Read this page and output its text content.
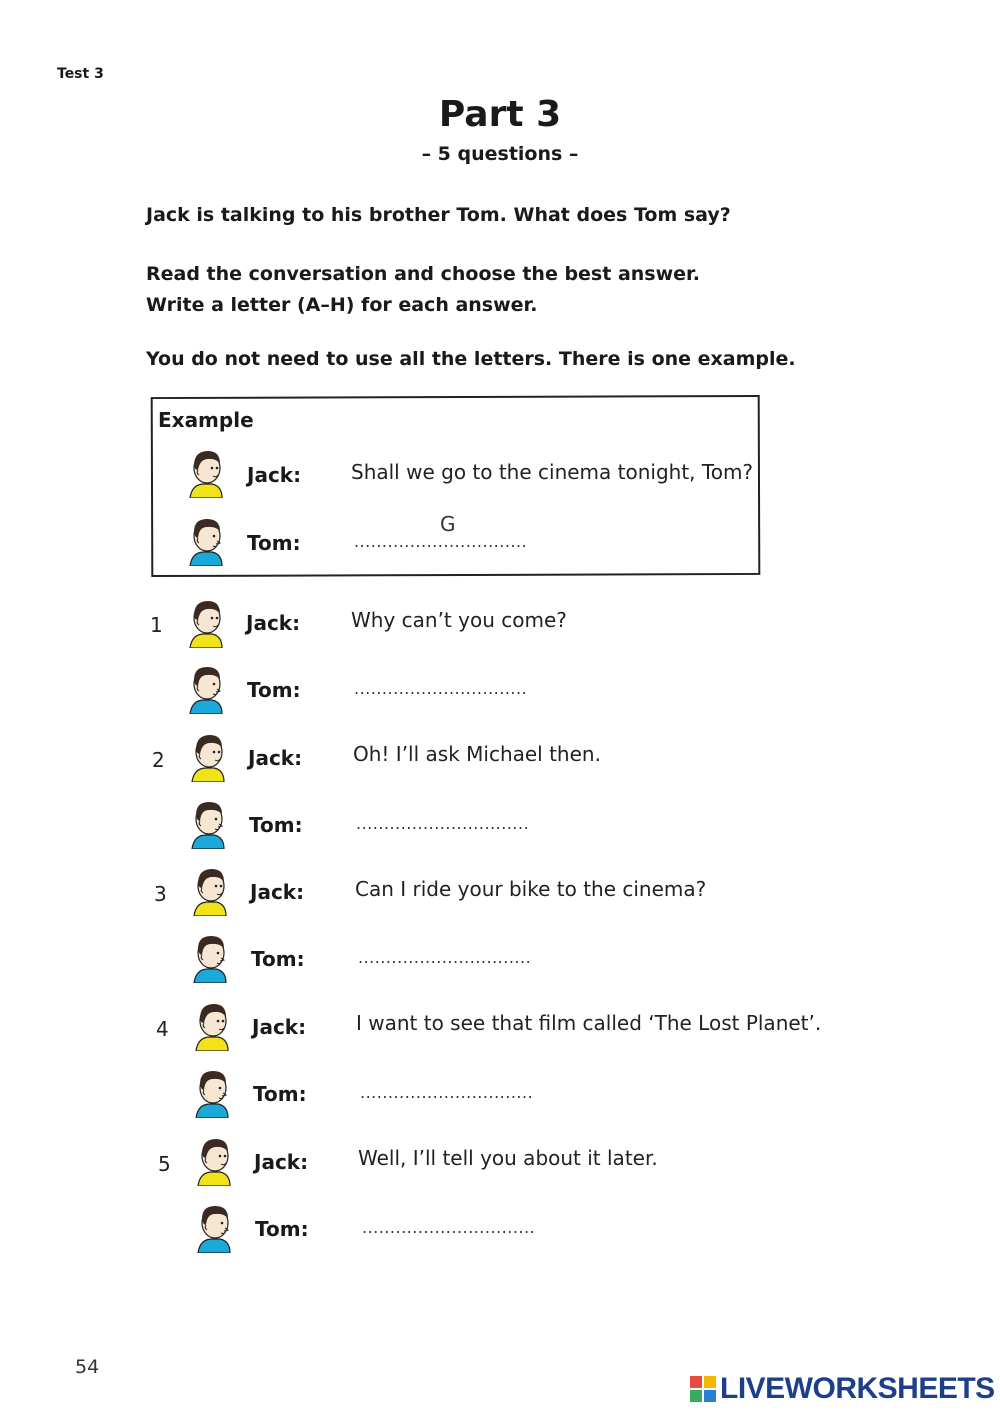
Test 3
Part 3
– 5 questions –
Jack is talking to his brother Tom. What does Tom say?
Read the conversation and choose the best answer.
Write a letter (A–H) for each answer.
You do not need to use all the letters. There is one example.
Example
Jack: Shall we go to the cinema tonight, Tom?
Tom:
G
...............................
1	Jack:	Why can’t you come?
Tom:	...............................
2	Jack:	Oh! I’ll ask Michael then.
Tom:	...............................
3	Jack:	Can I ride your bike to the cinema?
Tom:	...............................
4	Jack: I want to see that film called ‘The Lost Planet’.
Tom:	...............................
5	Jack: Well, I’ll tell you about it later.
Tom:	...............................
54
LIVEWORKSHEETS
